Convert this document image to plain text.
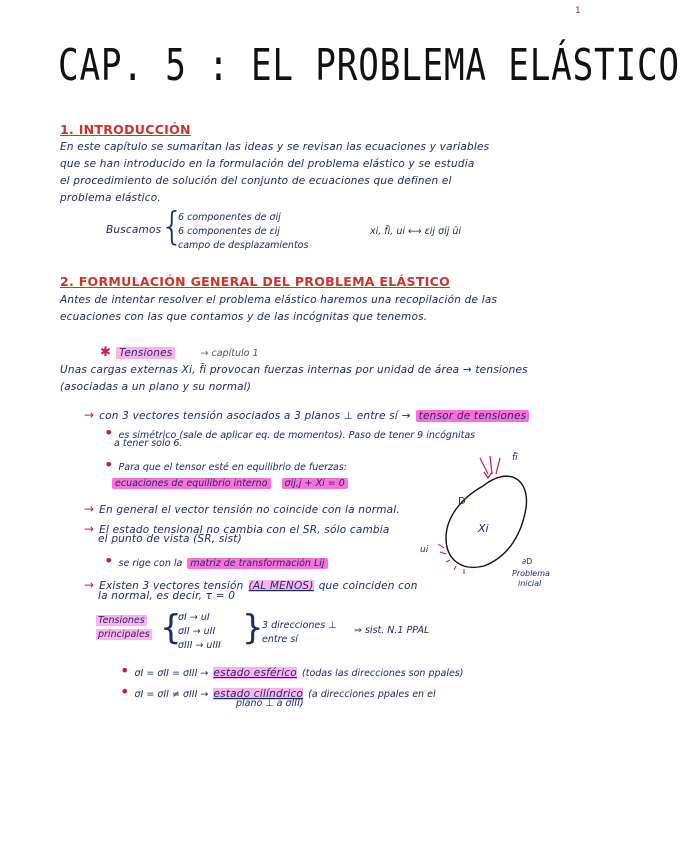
1
CAP. 5 : EL PROBLEMA ELÁSTICO
1. INTRODUCCIÓN
En este capítulo se sumaritan las ideas y se revisan las ecuaciones y variables
que se han introducido en la formulación del problema elástico y se estudia
el procedimiento de solución del conjunto de ecuaciones que definen el
problema elástico.
Buscamos
{
6 componentes de σij
6 componentes de εij
campo de desplazamientos
xi, f̄i, ui ⟷ εij σij ūi
2. FORMULACIÓN GENERAL DEL PROBLEMA ELÁSTICO
Antes de intentar resolver el problema elástico haremos una recopilación de las
ecuaciones con las que contamos y de las incógnitas que tenemos.
✱ Tensiones	→ capítulo 1
Unas cargas externas Xi, f̄i provocan fuerzas internas por unidad de área → tensiones
(asociadas a un plano y su normal)
→ con 3 vectores tensión asociados a 3 planos ⊥ entre sí → tensor de tensiones
• es simétrico (sale de aplicar eq. de momentos). Paso de tener 9 incógnitas
a tener solo 6.
• Para que el tensor esté en equilibrio de fuerzas:
ecuaciones de equilibrio interno σij,j + Xi = 0
→ En general el vector tensión no coincide con la normal.
→ El estado tensional no cambia con el SR, sólo cambia
el punto de vista (SR, sist)
• se rige con la matriz de transformación Lij
→ Existen 3 vectores tensión (AL MENOS) que coinciden con
la normal, es decir, τ = 0
Tensiones
principales {
σI → uI
σII → uII
σIII → uIII {
3 direcciones ⊥
entre sí
⇒ sist. N.1 PPAL
• σI = σII = σIII → estado esférico (todas las direcciones son ppales)
• σI = σII ≠ σIII → estado cilíndrico (a direcciones ppales en el
plano ⊥ a σIII)
f̄i
D
Xi
ui
∂D
Problema
inicial
